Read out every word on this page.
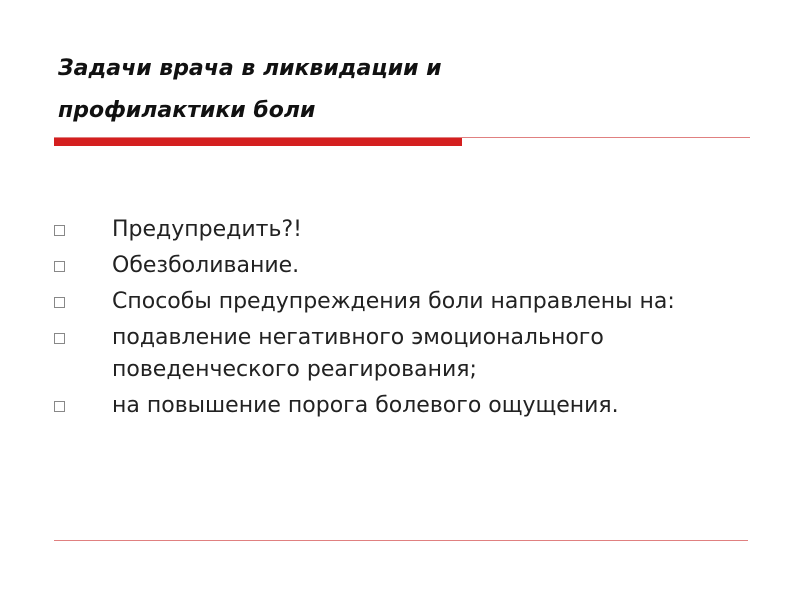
Задачи врача в ликвидации и
профилактики боли
Предупредить?!
Обезболивание.
Способы предупреждения боли направлены на:
подавление негативного эмоционального поведенческого реагирования;
на повышение порога болевого ощущения.
